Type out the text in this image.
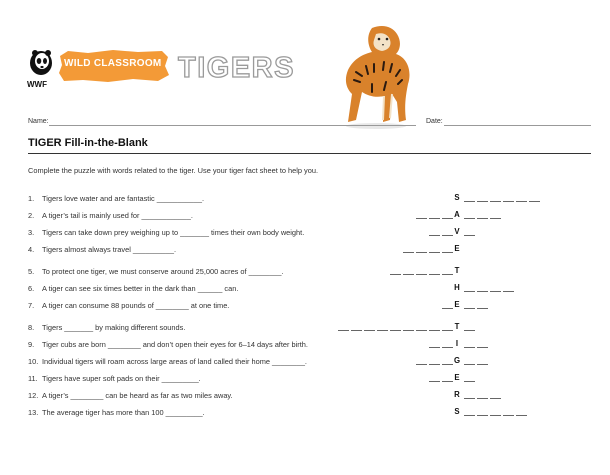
WWF
WILD CLASSROOM TIGERS
Name:	Date:
TIGER Fill-in-the-Blank
Complete the puzzle with words related to the tiger. Use your tiger fact sheet to help you.
1. Tigers love water and are fantastic ___________.	S
2. A tiger’s tail is mainly used for ____________.	A
3. Tigers can take down prey weighing up to _______ times their own body weight.	V
4. Tigers almost always travel __________.	E
5. To protect one tiger, we must conserve around 25,000 acres of ________.	T
6. A tiger can see six times better in the dark than ______ can.	H
7. A tiger can consume 88 pounds of ________ at one time.	E
8. Tigers _______ by making different sounds.	T
9. Tiger cubs are born ________ and don’t open their eyes for 6–14 days after birth.	I
10. Individual tigers will roam across large areas of land called their home ________.	G
11. Tigers have super soft pads on their _________.	E
12. A tiger’s ________ can be heard as far as two miles away.	R
13. The average tiger has more than 100 _________.	S
